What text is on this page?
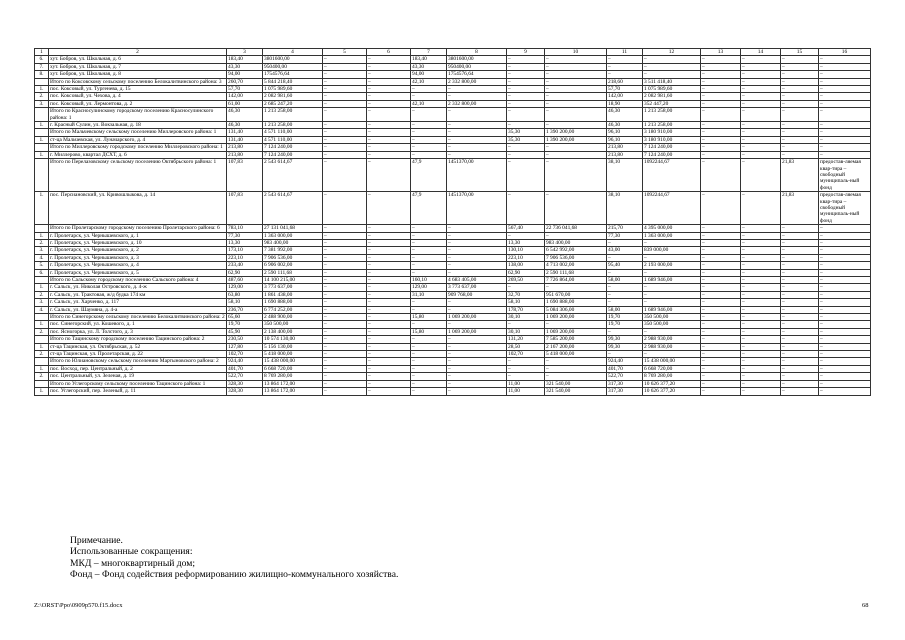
1	2	3	4	5	6	7	8	9	10	11	12	13	14	15	16
6.	хут. Бобров, ул. Школьная, д. 6	183,40	3801600,00	–	–	183,40	3801600,00	–	–	–	–	–	–	–	–
7.	хут. Бобров, ул. Школьная, д. 7	43,30	950400,00	–	–	43,30	950400,00	–	–	–	–	–	–	–	–
8.	хут. Бобров, ул. Школьная, д. 8	94,00	1754576,64	–	–	94,00	1754576,64	–	–	–	–	–	–	–	–
	Итого по Коксовскому сельскому поселению Белокалитвинского района: 3	260,70	5 844 218,40	–	–	42,10	2 332 800,00	–	–	218,60	3 511 418,40	–	–	–	–
1.	пос. Коксовый, ул. Тургенева, д. 15	57,70	1 075 989,60	–	–	–	–	–	–	57,70	1 075 989,60	–	–	–	–
2.	пос. Коксовый, ул. Чехова, д. 4	142,00	2 082 981,60	–	–	–	–	–	–	142,00	2 082 981,60	–	–	–	–
3.	пос. Коксовый, ул. Лермонтова, д. 2	61,00	2 685 247,20	–	–	42,10	2 332 800,00	–	–	18,90	352 447,20	–	–	–	–
	Итого по Красносулинскому городскому поселению Красносулинского района: 1	46,30	1 213 258,00	–	–	–	–	–	–	46,30	1 213 258,00	–	–	–	–
1.	г. Красный Сулин, ул. Вокзальная, д. 18	46,30	1 213 258,00	–	–	–	–	–	–	46,30	1 213 258,00	–	–	–	–
	Итого по Мальчевскому сельскому поселению Миллеровского района: 1	131,40	4 571 110,00	–	–	–	–	35,30	1 390 200,00	96,10	3 180 910,00	–	–	–	–
1.	ст-ца Мальчевская, ул. Луначарского, д. 4	131,40	4 571 110,00	–	–	–	–	35,30	1 390 200,00	96,10	3 180 910,00	–	–	–	–
	Итого по Миллеровскому городскому поселению Миллеровского района: 1	213,80	7 124 240,00	–	–	–	–	–	–	213,80	7 124 240,00	–	–	–	–
1.	г. Миллерово, квартал ДСХТ, д. 6	213,80	7 124 240,00	–	–	–	–	–	–	213,80	7 124 240,00	–	–	–	–
	Итого по Перелазовскому сельскому поселению Октябрьского района: 1	107,83	2 543 614,67	–	–	47,9	1451370,00	–	–	38,10	1092244,67	–	–	21,83	предостав-ляемая квар-тира – свободный муниципаль-ный фонд
1.	пос. Персиановский, ул. Кривошлыкова, д. 14	107,83	2 543 614,67	–	–	47,9	1451370,00	–	–	38,10	1092244,67	–	–	21,83	предостав-ляемая квар-тира – свободный муниципаль-ный фонд
	Итого по Пролетарскому городскому поселению Пролетарского района: 6	783,10	27 131 041,68	–	–	–	–	567,40	22 736 041,68	215,70	4 395 000,00	–	–	–	–
1.	г. Пролетарск, ул. Чернышевского, д. 1	77,30	1 363 000,00	–	–	–	–	–	–	77,30	1 363 000,00	–	–	–	–
2.	г. Пролетарск, ул. Чернышевского, д. 10	13,30	983 400,00	–	–	–	–	13,30	983 400,00	–	–	–	–	–	–
3.	г. Пролетарск, ул. Чернышевского, д. 2	173,10	7 381 992,00	–	–	–	–	130,10	6 542 992,00	43,00	839 000,00	–	–	–	–
4.	г. Пролетарск, ул. Чернышевского, д. 3	223,10	7 906 536,00	–	–	–	–	223,10	7 906 536,00	–	–	–	–	–	–
5.	г. Пролетарск, ул. Чернышевского, д. 4	233,40	6 906 002,00	–	–	–	–	138,00	4 713 002,00	95,40	2 193 000,00	–	–	–	–
6.	г. Пролетарск, ул. Чернышевского, д. 5	62,90	2 590 111,68	–	–	–	–	62,90	2 590 111,68	–	–	–	–	–	–
	Итого по Сальскому городскому поселению Сальского района: 4	487,60	14 100 215,00	–	–	160,10	4 683 405,00	269,50	7 726 864,00	58,00	1 689 946,00	–	–	–	–
1.	г. Сальск, ул. Николая Островского, д. 4-ж	129,00	3 773 637,00	–	–	129,00	3 773 637,00	–	–	–	–	–	–	–	–
2.	г. Сальск, ул. Трактовая, ж/д будка 174 км	63,80	1 861 438,00	–	–	31,10	909 768,00	32,70	951 670,00	–	–	–	–	–	–
3.	г. Сальск, ул. Харченко, д. 117	58,10	1 690 888,00	–	–	–	–	58,10	1 690 888,00	–	–	–	–	–	–
4.	г. Сальск, ул. Шаумяна, д. 4-а	236,70	6 774 252,00	–	–	–	–	178,70	5 084 306,00	58,00	1 689 946,00	–	–	–	–
	Итого по Синегорскому сельскому поселению Белокалитвинского района: 2	65,60	2 488 900,00	–	–	15,80	1 069 200,00	30,10	1 069 200,00	19,70	350 500,00	–	–	–	–
1.	пос. Синегорский, ул. Кошевого, д. 1	19,70	350 500,00	–	–	–	–	–	–	19,70	350 500,00	–	–	–	–
2.	пос. Ясногорка, ул. Л. Толстого, д. 3	45,90	2 138 400,00	–	–	15,80	1 069 200,00	30,10	1 069 200,00	–	–	–	–	–	–
	Итого по Тацинскому городскому поселению Тацинского района: 2	230,50	10 574 130,00	–	–	–	–	131,20	7 585 200,00	99,30	2 988 930,00	–	–	–	–
1.	ст-ца Тацинская, ул. Октябрьская, д. 52	127,80	5 156 130,00	–	–	–	–	28,50	2 167 200,00	99,30	2 988 930,00	–	–	–	–
2.	ст-ца Тацинская, ул. Пролетарская, д. 22	102,70	5 418 000,00	–	–	–	–	102,70	5 418 000,00	–	–	–	–	–	–
	Итого по Юлиановскому сельскому поселению Мартыновского района: 2	924,40	15 438 000,00	–	–	–	–	–	–	924,40	15 438 000,00	–	–	–	–
1.	пос. Восход, пер. Центральный, д. 2	401,70	6 668 720,00	–	–	–	–	–	–	401,70	6 668 720,00	–	–	–	–
2.	пос. Центральный, ул. Зеленая, д. 19	522,70	8 769 280,00	–	–	–	–	–	–	522,70	8 769 280,00	–	–	–	–
	Итого по Углегорскому сельскому поселению Тацинского района: 1	328,30	13 864 172,00	–	–	–	–	11,00	321 540,00	317,30	10 626 377,20	–	–	–	–
1.	пос. Углегорский, пер. Зеленый, д. 11	328,30	13 864 172,00	–	–	–	–	11,00	321 540,00	317,30	10 626 377,20	–	–	–	–
Примечание.
Использованные сокращения:
МКД – многоквартирный дом;
Фонд – Фонд содействия реформированию жилищно-коммунального хозяйства.
Z:\ORST\Ppo\0909p570.f15.docx	68
